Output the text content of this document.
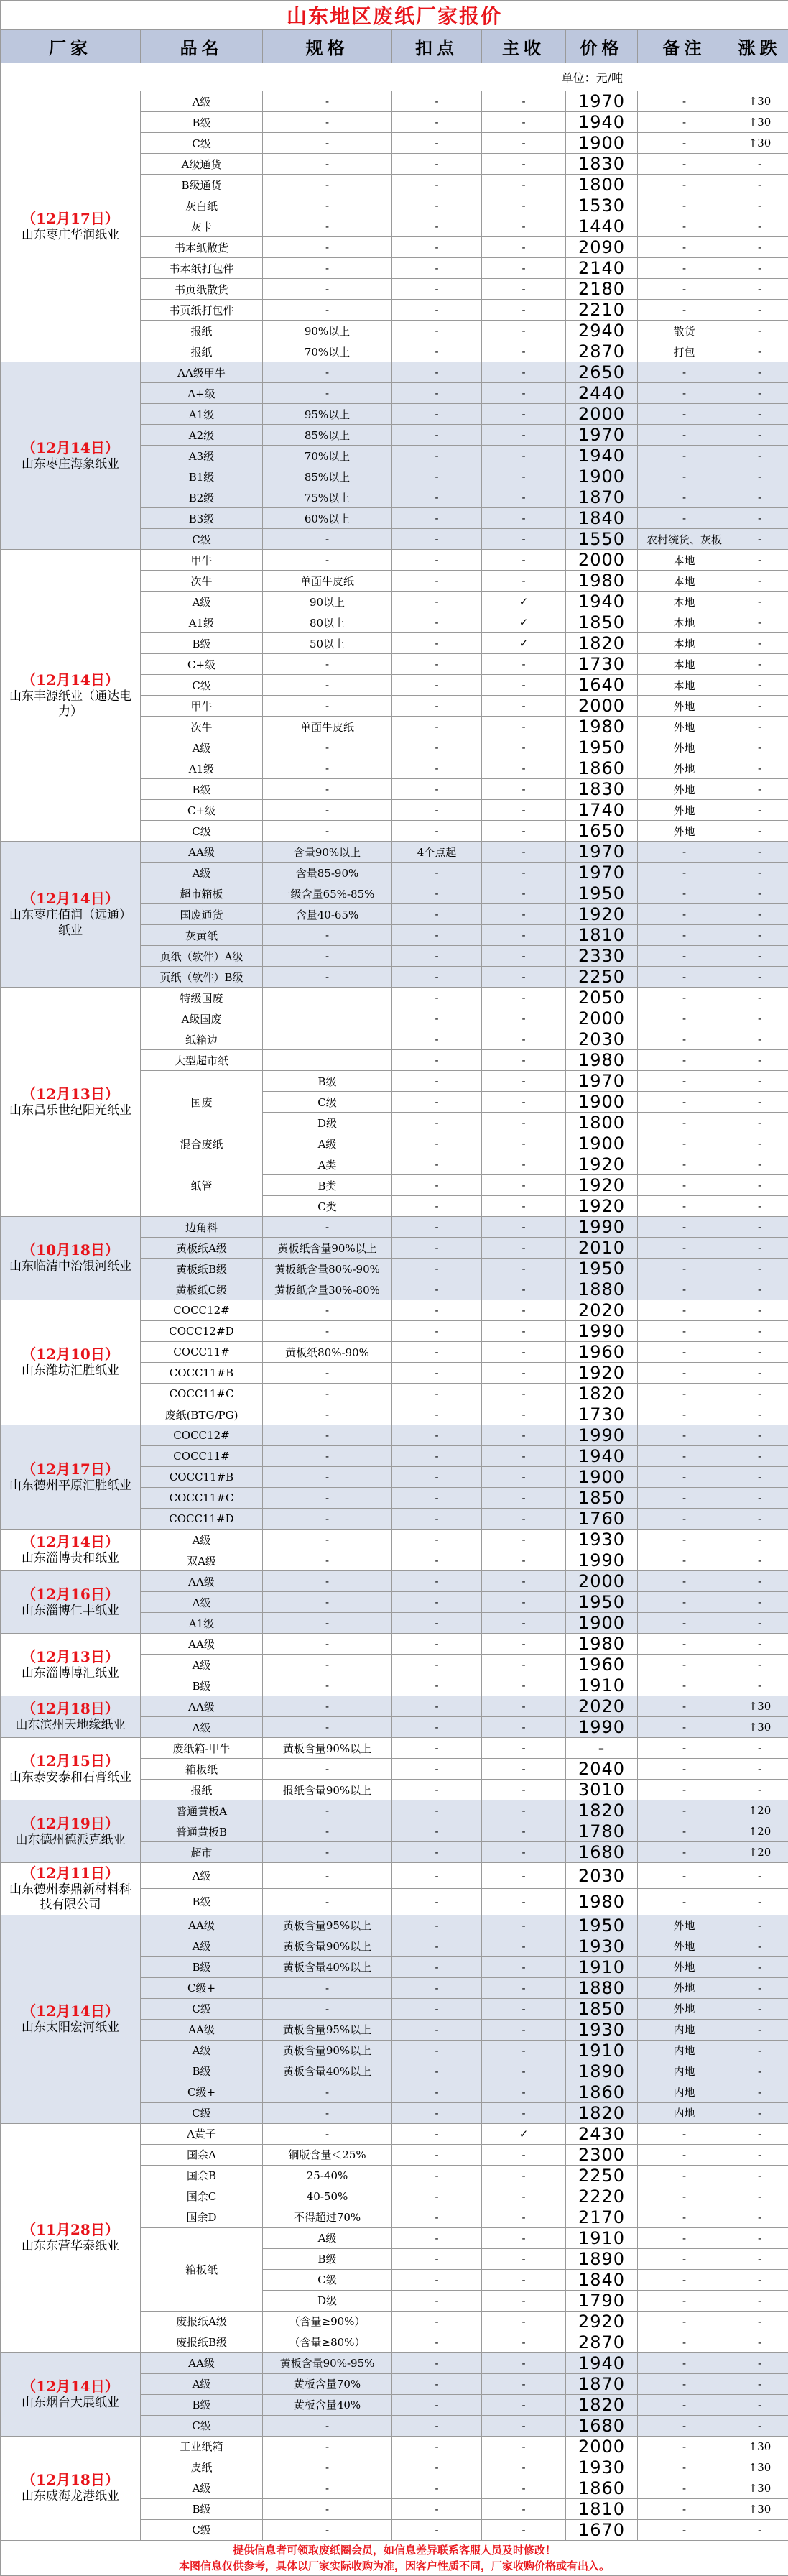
山东地区废纸厂家报价							
厂家	品名	规格	扣点	主收	价格	备注	涨跌
单位：元/吨							

（12月17日）
山东枣庄华润纸业	A级	-	-	-	1970	-	↑30
	B级	-	-	-	1940	-	↑30
	C级	-	-	-	1900	-	↑30
	A级通货	-	-	-	1830	-	-
	B级通货	-	-	-	1800	-	-
	灰白纸	-	-	-	1530	-	-
	灰卡	-	-	-	1440	-	-
	书本纸散货	-	-	-	2090	-	-
	书本纸打包件	-	-	-	2140	-	-
	书页纸散货	-	-	-	2180	-	-
	书页纸打包件	-	-	-	2210	-	-
	报纸	90%以上	-	-	2940	散货	-
	报纸	70%以上	-	-	2870	打包	-

（12月14日）
山东枣庄海象纸业	AA级甲牛	-	-	-	2650	-	-
	A+级	-	-	-	2440	-	-
	A1级	95%以上	-	-	2000	-	-
	A2级	85%以上	-	-	1970	-	-
	A3级	70%以上	-	-	1940	-	-
	B1级	85%以上	-	-	1900	-	-
	B2级	75%以上	-	-	1870	-	-
	B3级	60%以上	-	-	1840	-	-
	C级	-	-	-	1550	农村统货、灰板	-

（12月14日）
山东丰源纸业（通达电力）	甲牛	-	-	-	2000	本地	-
	次牛	单面牛皮纸	-	-	1980	本地	-
	A级	90以上	-	✓	1940	本地	-
	A1级	80以上	-	✓	1850	本地	-
	B级	50以上	-	✓	1820	本地	-
	C+级	-	-	-	1730	本地	-
	C级	-	-	-	1640	本地	-
	甲牛	-	-	-	2000	外地	-
	次牛	单面牛皮纸	-	-	1980	外地	-
	A级	-	-	-	1950	外地	-
	A1级	-	-	-	1860	外地	-
	B级	-	-	-	1830	外地	-
	C+级	-	-	-	1740	外地	-
	C级	-	-	-	1650	外地	-

（12月14日）
山东枣庄佰润（远通）纸业	AA级	含量90%以上	4个点起	-	1970	-	-
	A级	含量85-90%	-	-	1970	-	-
	超市箱板	一级含量65%-85%	-	-	1950	-	-
	国废通货	含量40-65%	-	-	1920	-	-
	灰黄纸	-	-	-	1810	-	-
	页纸（软件）A级	-	-	-	2330	-	-
	页纸（软件）B级	-	-	-	2250	-	-

（12月13日）
山东昌乐世纪阳光纸业	特级国废		-	-	2050	-	-
	A级国废		-	-	2000	-	-
	纸箱边		-	-	2030	-	-
	大型超市纸		-	-	1980	-	-
	国废	B级	-	-	1970	-	-
		C级	-	-	1900	-	-
		D级	-	-	1800	-	-
	混合废纸	A级	-	-	1900	-	-
	纸管	A类	-	-	1920	-	-
		B类	-	-	1920	-	-
		C类	-	-	1920	-	-

（10月18日）
山东临清中治银河纸业	边角料	-	-	-	1990	-	-
	黄板纸A级	黄板纸含量90%以上	-	-	2010	-	-
	黄板纸B级	黄板纸含量80%-90%	-	-	1950	-	-
	黄板纸C级	黄板纸含量30%-80%	-	-	1880	-	-

（12月10日）
山东潍坊汇胜纸业	COCC12#	-	-	-	2020	-	-
	COCC12#D	-	-	-	1990	-	-
	COCC11#	黄板纸80%-90%	-	-	1960	-	-
	COCC11#B	-	-	-	1920	-	-
	COCC11#C	-	-	-	1820	-	-
	废纸(BTG/PG)	-	-	-	1730	-	-

（12月17日）
山东德州平原汇胜纸业	COCC12#	-	-	-	1990	-	-
	COCC11#	-	-	-	1940	-	-
	COCC11#B	-	-	-	1900	-	-
	COCC11#C	-	-	-	1850	-	-
	COCC11#D	-	-	-	1760	-	-

（12月14日）
山东淄博贵和纸业	A级	-	-	-	1930	-	-
	双A级	-	-	-	1990	-	-

（12月16日）
山东淄博仁丰纸业	AA级	-	-	-	2000	-	-
	A级	-	-	-	1950	-	-
	A1级	-	-	-	1900	-	-

（12月13日）
山东淄博博汇纸业	AA级	-	-	-	1980	-	-
	A级	-	-	-	1960	-	-
	B级	-	-	-	1910	-	-

（12月18日）
山东滨州天地缘纸业	AA级	-	-	-	2020	-	↑30
	A级	-	-	-	1990	-	↑30

（12月15日）
山东泰安泰和石膏纸业	废纸箱-甲牛	黄板含量90%以上	-	-	-	-	-
	箱板纸	-	-	-	2040	-	-
	报纸	报纸含量90%以上	-	-	3010	-	-

（12月19日）
山东德州德派克纸业	普通黄板A	-	-	-	1820	-	↑20
	普通黄板B	-	-	-	1780	-	↑20
	超市	-	-	-	1680	-	↑20

（12月11日）
山东德州泰鼎新材料科技有限公司	A级	-	-	-	2030	-	-
	B级	-	-	-	1980	-	-

（12月14日）
山东太阳宏河纸业	AA级	黄板含量95%以上	-	-	1950	外地	-
	A级	黄板含量90%以上	-	-	1930	外地	-
	B级	黄板含量40%以上	-	-	1910	外地	-
	C级+	-	-	-	1880	外地	-
	C级	-	-	-	1850	外地	-
	AA级	黄板含量95%以上	-	-	1930	内地	-
	A级	黄板含量90%以上	-	-	1910	内地	-
	B级	黄板含量40%以上	-	-	1890	内地	-
	C级+	-	-	-	1860	内地	-
	C级	-	-	-	1820	内地	-

（11月28日）
山东东营华泰纸业	A黄子	-	-	✓	2430	-	-
	国余A	铜版含量＜25%	-	-	2300	-	-
	国余B	25-40%	-	-	2250	-	-
	国余C	40-50%	-	-	2220	-	-
	国余D	不得超过70%	-	-	2170	-	-
	箱板纸	A级	-	-	1910	-	-
		B级	-	-	1890	-	-
		C级	-	-	1840	-	-
		D级	-	-	1790	-	-
	废报纸A级	（含量≥90%）	-	-	2920	-	-
	废报纸B级	（含量≥80%）	-	-	2870	-	-

（12月14日）
山东烟台大展纸业	AA级	黄板含量90%-95%	-	-	1940	-	-
	A级	黄板含量70%	-	-	1870	-	-
	B级	黄板含量40%	-	-	1820	-	-
	C级	-	-	-	1680	-	-

（12月18日）
山东威海龙港纸业	工业纸箱	-	-	-	2000	-	↑30
	皮纸	-	-	-	1930	-	↑30
	A级	-	-	-	1860	-	↑30
	B级	-	-	-	1810	-	↑30
	C级	-	-	-	1670	-	-

提供信息者可领取废纸圈会员，如信息差异联系客服人员及时修改！
本图信息仅供参考，具体以厂家实际收购为准，因客户性质不同，厂家收购价格或有出入。							
